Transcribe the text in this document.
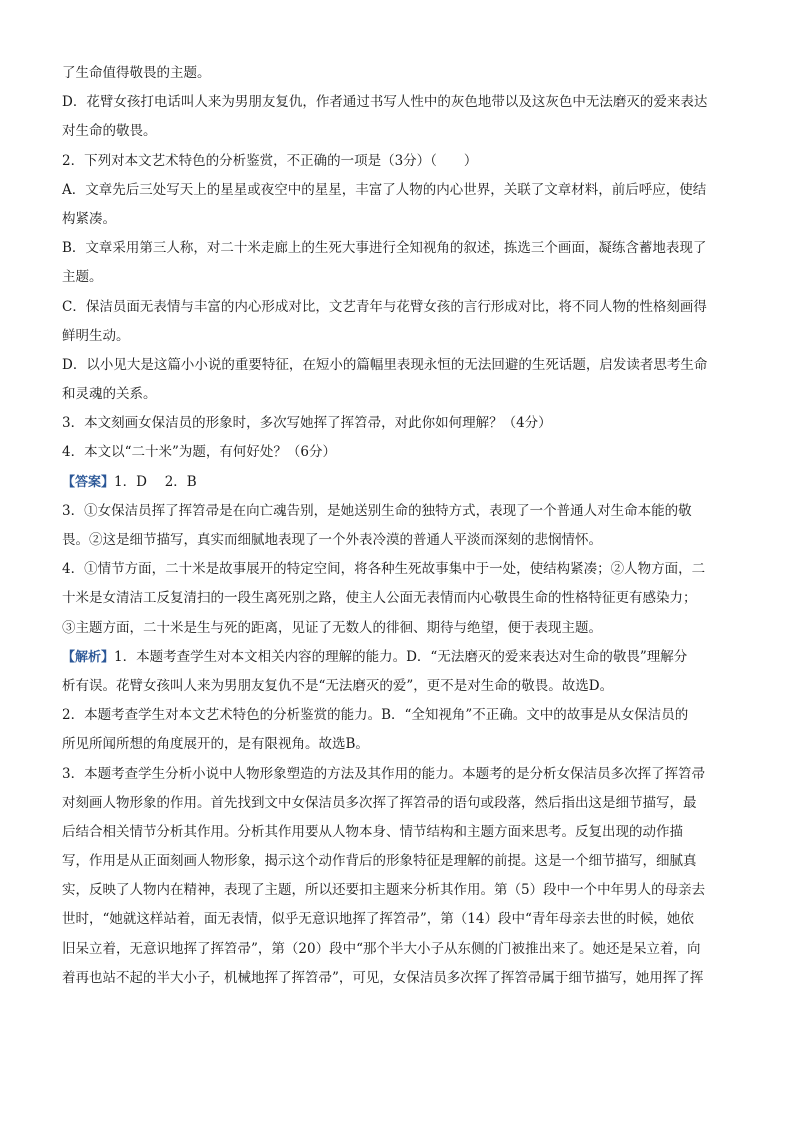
了生命值得敬畏的主题。
D．花臂女孩打电话叫人来为男朋友复仇，作者通过书写人性中的灰色地带以及这灰色中无法磨灭的爱来表达
对生命的敬畏。
2．下列对本文艺术特色的分析鉴赏，不正确的一项是（3分）（　　）
A．文章先后三处写天上的星星或夜空中的星星，丰富了人物的内心世界，关联了文章材料，前后呼应，使结
构紧凑。
B．文章采用第三人称，对二十米走廊上的生死大事进行全知视角的叙述，拣选三个画面，凝练含蓄地表现了
主题。
C．保洁员面无表情与丰富的内心形成对比，文艺青年与花臂女孩的言行形成对比，将不同人物的性格刻画得
鲜明生动。
D．以小见大是这篇小小说的重要特征，在短小的篇幅里表现永恒的无法回避的生死话题，启发读者思考生命
和灵魂的关系。
3．本文刻画女保洁员的形象时，多次写她挥了挥笤帚，对此你如何理解？（4分）
4．本文以“二十米”为题，有何好处？（6分）
【答案】1．D　 2．B
3．①女保洁员挥了挥笤帚是在向亡魂告别，是她送别生命的独特方式，表现了一个普通人对生命本能的敬
畏。②这是细节描写，真实而细腻地表现了一个外表冷漠的普通人平淡而深刻的悲悯情怀。
4．①情节方面，二十米是故事展开的特定空间，将各种生死故事集中于一处，使结构紧凑；②人物方面，二
十米是女清洁工反复清扫的一段生离死别之路，使主人公面无表情而内心敬畏生命的性格特征更有感染力；
③主题方面，二十米是生与死的距离，见证了无数人的徘徊、期待与绝望，便于表现主题。
【解析】1．本题考查学生对本文相关内容的理解的能力。D．“无法磨灭的爱来表达对生命的敬畏”理解分
析有误。花臂女孩叫人来为男朋友复仇不是“无法磨灭的爱”，更不是对生命的敬畏。故选D。
2．本题考查学生对本文艺术特色的分析鉴赏的能力。B．“全知视角”不正确。文中的故事是从女保洁员的
所见所闻所想的角度展开的，是有限视角。故选B。
3．本题考查学生分析小说中人物形象塑造的方法及其作用的能力。本题考的是分析女保洁员多次挥了挥笤帚
对刻画人物形象的作用。首先找到文中女保洁员多次挥了挥笤帚的语句或段落，然后指出这是细节描写，最
后结合相关情节分析其作用。分析其作用要从人物本身、情节结构和主题方面来思考。反复出现的动作描
写，作用是从正面刻画人物形象，揭示这个动作背后的形象特征是理解的前提。这是一个细节描写，细腻真
实，反映了人物内在精神，表现了主题，所以还要扣主题来分析其作用。第（5）段中一个中年男人的母亲去
世时，“她就这样站着，面无表情，似乎无意识地挥了挥笤帚”，第（14）段中“青年母亲去世的时候，她依
旧呆立着，无意识地挥了挥笤帚”，第（20）段中“那个半大小子从东侧的门被推出来了。她还是呆立着，向
着再也站不起的半大小子，机械地挥了挥笤帚”，可见，女保洁员多次挥了挥笤帚属于细节描写，她用挥了挥
